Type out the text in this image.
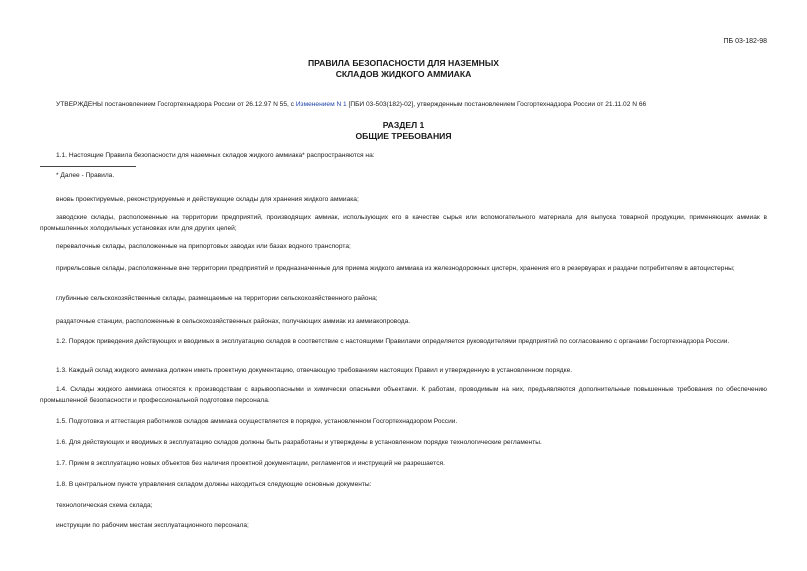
ПБ 03-182-98
ПРАВИЛА БЕЗОПАСНОСТИ ДЛЯ НАЗЕМНЫХ
СКЛАДОВ ЖИДКОГО АММИАКА
УТВЕРЖДЕНЫ постановлением Госгортехнадзора России от 26.12.97 N 55, с Изменением N 1 [ПБИ 03-503(182)-02], утвержденным постановлением Госгортехнадзора России от 21.11.02 N 66
РАЗДЕЛ 1
ОБЩИЕ ТРЕБОВАНИЯ
1.1. Настоящие Правила безопасности для наземных складов жидкого аммиака* распространяются на:
* Далее - Правила.
вновь проектируемые, реконструируемые и действующие склады для хранения жидкого аммиака;
заводские склады, расположенные на территории предприятий, производящих аммиак, использующих его в качестве сырья или вспомогательного материала для выпуска товарной продукции, применяющих аммиак в промышленных холодильных установках или для других целей;
перевалочные склады, расположенные на припортовых заводах или базах водного транспорта;
прирельсовые склады, расположенные вне территории предприятий и предназначенные для приема жидкого аммиака из железнодорожных цистерн, хранения его в резервуарах и раздачи потребителям в автоцистерны;
глубинные сельскохозяйственные склады, размещаемые на территории сельскохозяйственного района;
раздаточные станции, расположенные в сельскохозяйственных районах, получающих аммиак из аммиакопровода.
1.2. Порядок приведения действующих и вводимых в эксплуатацию складов в соответствие с настоящими Правилами определяется руководителями предприятий по согласованию с органами Госгортехнадзора России.
1.3. Каждый склад жидкого аммиака должен иметь проектную документацию, отвечающую требованиям настоящих Правил и утвержденную в установленном порядке.
1.4. Склады жидкого аммиака относятся к производствам с взрывоопасными и химически опасными объектами. К работам, проводимым на них, предъявляются дополнительные повышенные требования по обеспечению промышленной безопасности и профессиональной подготовке персонала.
1.5. Подготовка и аттестация работников складов аммиака осуществляется в порядке, установленном Госгортехнадзором России.
1.6. Для действующих и вводимых в эксплуатацию складов должны быть разработаны и утверждены в установленном порядке технологические регламенты.
1.7. Прием в эксплуатацию новых объектов без наличия проектной документации, регламентов и инструкций не разрешается.
1.8. В центральном пункте управления складом должны находиться следующие основные документы:
технологическая схема склада;
инструкции по рабочим местам эксплуатационного персонала;
